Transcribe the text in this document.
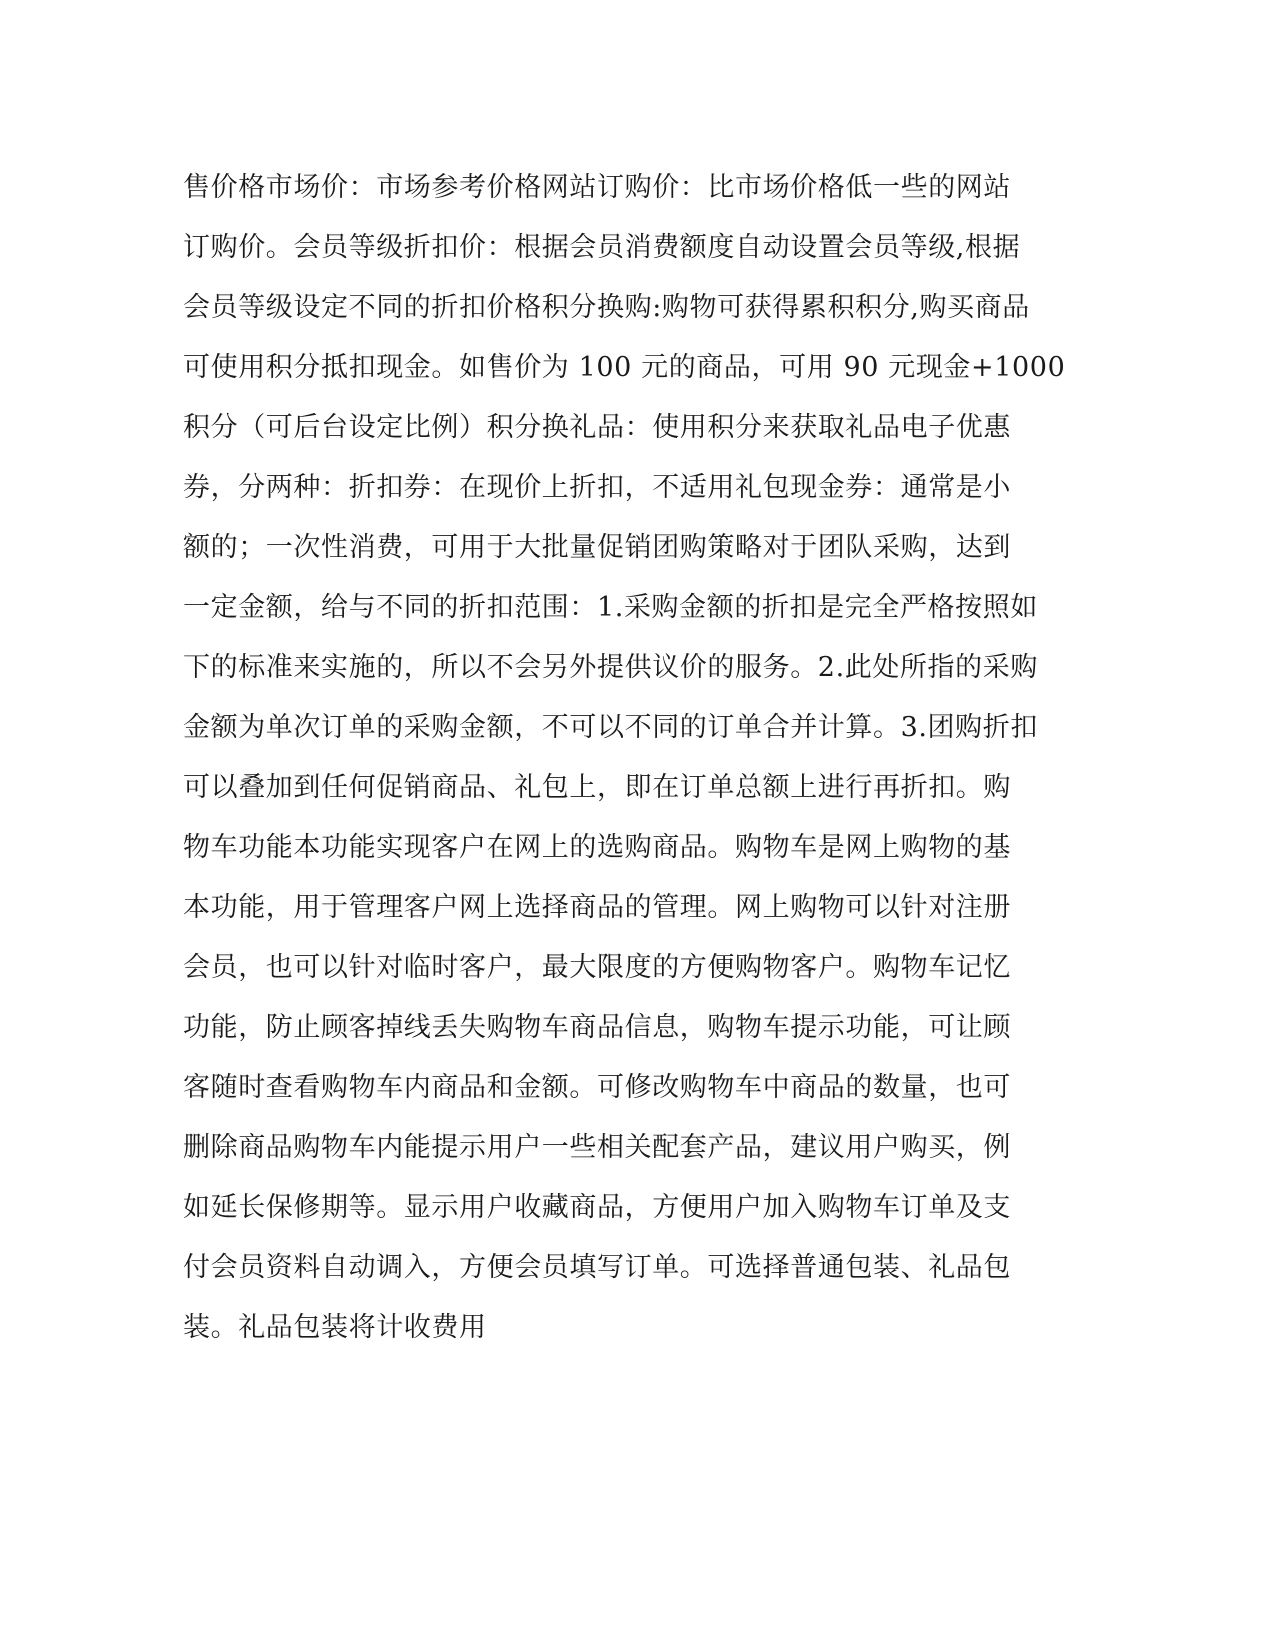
售价格市场价：市场参考价格网站订购价：比市场价格低一些的网站
订购价。会员等级折扣价：根据会员消费额度自动设置会员等级,根据
会员等级设定不同的折扣价格积分换购:购物可获得累积积分,购买商品
可使用积分抵扣现金。如售价为 100 元的商品，可用 90 元现金+1000
积分（可后台设定比例）积分换礼品：使用积分来获取礼品电子优惠
券，分两种：折扣券：在现价上折扣，不适用礼包现金券：通常是小
额的；一次性消费，可用于大批量促销团购策略对于团队采购，达到
一定金额，给与不同的折扣范围：1.采购金额的折扣是完全严格按照如
下的标准来实施的，所以不会另外提供议价的服务。2.此处所指的采购
金额为单次订单的采购金额，不可以不同的订单合并计算。3.团购折扣
可以叠加到任何促销商品、礼包上，即在订单总额上进行再折扣。购
物车功能本功能实现客户在网上的选购商品。购物车是网上购物的基
本功能，用于管理客户网上选择商品的管理。网上购物可以针对注册
会员，也可以针对临时客户，最大限度的方便购物客户。购物车记忆
功能，防止顾客掉线丢失购物车商品信息，购物车提示功能，可让顾
客随时查看购物车内商品和金额。可修改购物车中商品的数量，也可
删除商品购物车内能提示用户一些相关配套产品，建议用户购买，例
如延长保修期等。显示用户收藏商品，方便用户加入购物车订单及支
付会员资料自动调入，方便会员填写订单。可选择普通包装、礼品包
装。礼品包装将计收费用
